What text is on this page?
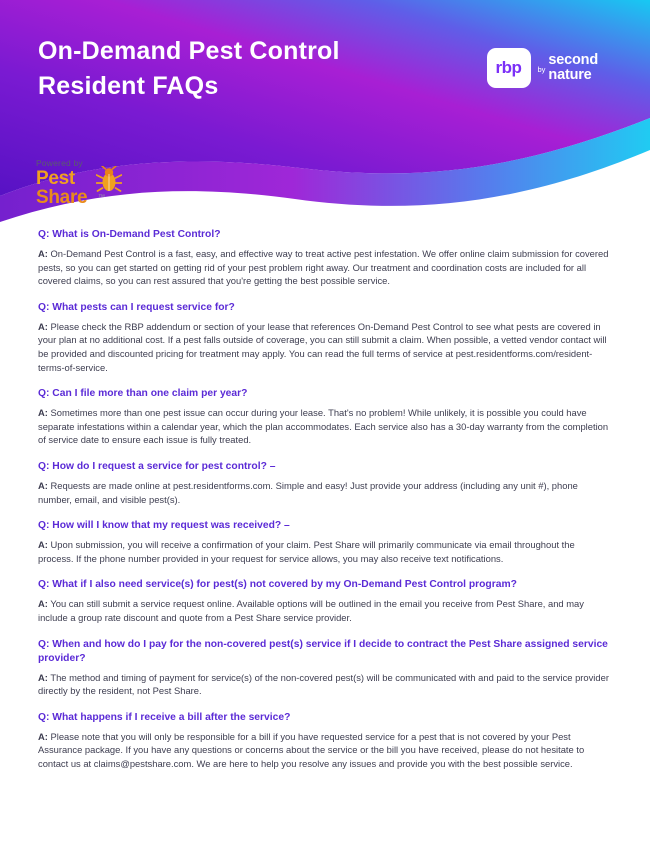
On-Demand Pest Control
Resident FAQs
rbp by
second
nature
Powered by
Pest
Share ™
Q: What is On-Demand Pest Control?
A: On-Demand Pest Control is a fast, easy, and effective way to treat active pest infestation. We offer online claim submission for covered pests, so you can get started on getting rid of your pest problem right away. Our treatment and coordination costs are included for all covered claims, so you can rest assured that you're getting the best possible service.
Q: What pests can I request service for?
A: Please check the RBP addendum or section of your lease that references On-Demand Pest Control to see what pests are covered in your plan at no additional cost. If a pest falls outside of coverage, you can still submit a claim. When possible, a vetted vendor contact will be provided and discounted pricing for treatment may apply. You can read the full terms of service at pest.residentforms.com/resident-terms-of-service.
Q: Can I file more than one claim per year?
A: Sometimes more than one pest issue can occur during your lease. That's no problem! While unlikely, it is possible you could have separate infestations within a calendar year, which the plan accommodates. Each service also has a 30-day warranty from the completion of service date to ensure each issue is fully treated.
Q: How do I request a service for pest control? –
A: Requests are made online at pest.residentforms.com. Simple and easy! Just provide your address (including any unit #), phone number, email, and visible pest(s).
Q: How will I know that my request was received? –
A: Upon submission, you will receive a confirmation of your claim. Pest Share will primarily communicate via email throughout the process. If the phone number provided in your request for service allows, you may also receive text notifications.
Q: What if I also need service(s) for pest(s) not covered by my On-Demand Pest Control program?
A: You can still submit a service request online. Available options will be outlined in the email you receive from Pest Share, and may include a group rate discount and quote from a Pest Share service provider.
Q: When and how do I pay for the non-covered pest(s) service if I decide to contract the Pest Share assigned service provider?
A: The method and timing of payment for service(s) of the non-covered pest(s) will be communicated with and paid to the service provider directly by the resident, not Pest Share.
Q: What happens if I receive a bill after the service?
A: Please note that you will only be responsible for a bill if you have requested service for a pest that is not covered by your Pest Assurance package. If you have any questions or concerns about the service or the bill you have received, please do not hesitate to contact us at claims@pestshare.com. We are here to help you resolve any issues and provide you with the best possible service.
